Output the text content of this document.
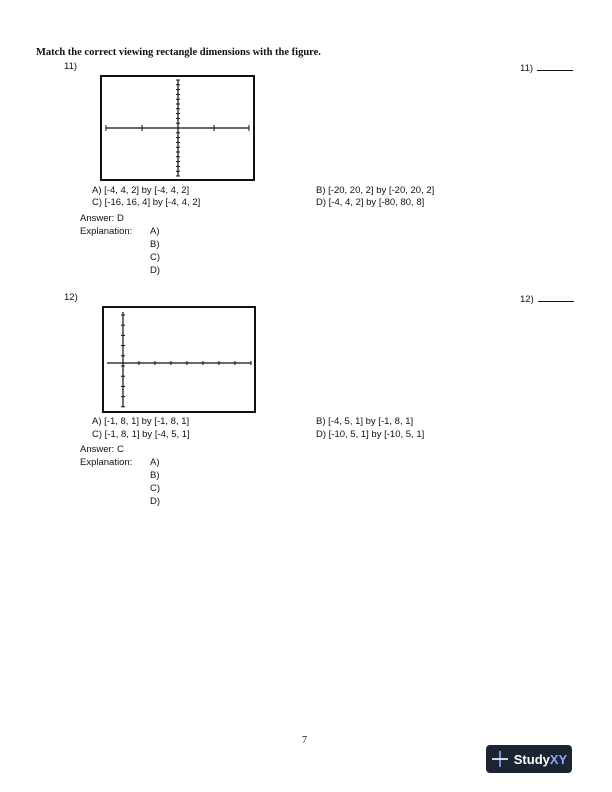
Match the correct viewing rectangle dimensions with the figure.
11)	11)
A) [-4, 4, 2] by [-4, 4, 2]	B) [-20, 20, 2] by [-20, 20, 2]
C) [-16, 16, 4] by [-4, 4, 2]	D) [-4, 4, 2] by [-80, 80, 8]
Answer: D
Explanation: A)
B)
C)
D)
12)	12)
A) [-1, 8, 1] by [-1, 8, 1]	B) [-4, 5, 1] by [-1, 8, 1]
C) [-1, 8, 1] by [-4, 5, 1]	D) [-10, 5, 1] by [-10, 5, 1]
Answer: C
Explanation: A)
B)
C)
D)
7
StudyXY
